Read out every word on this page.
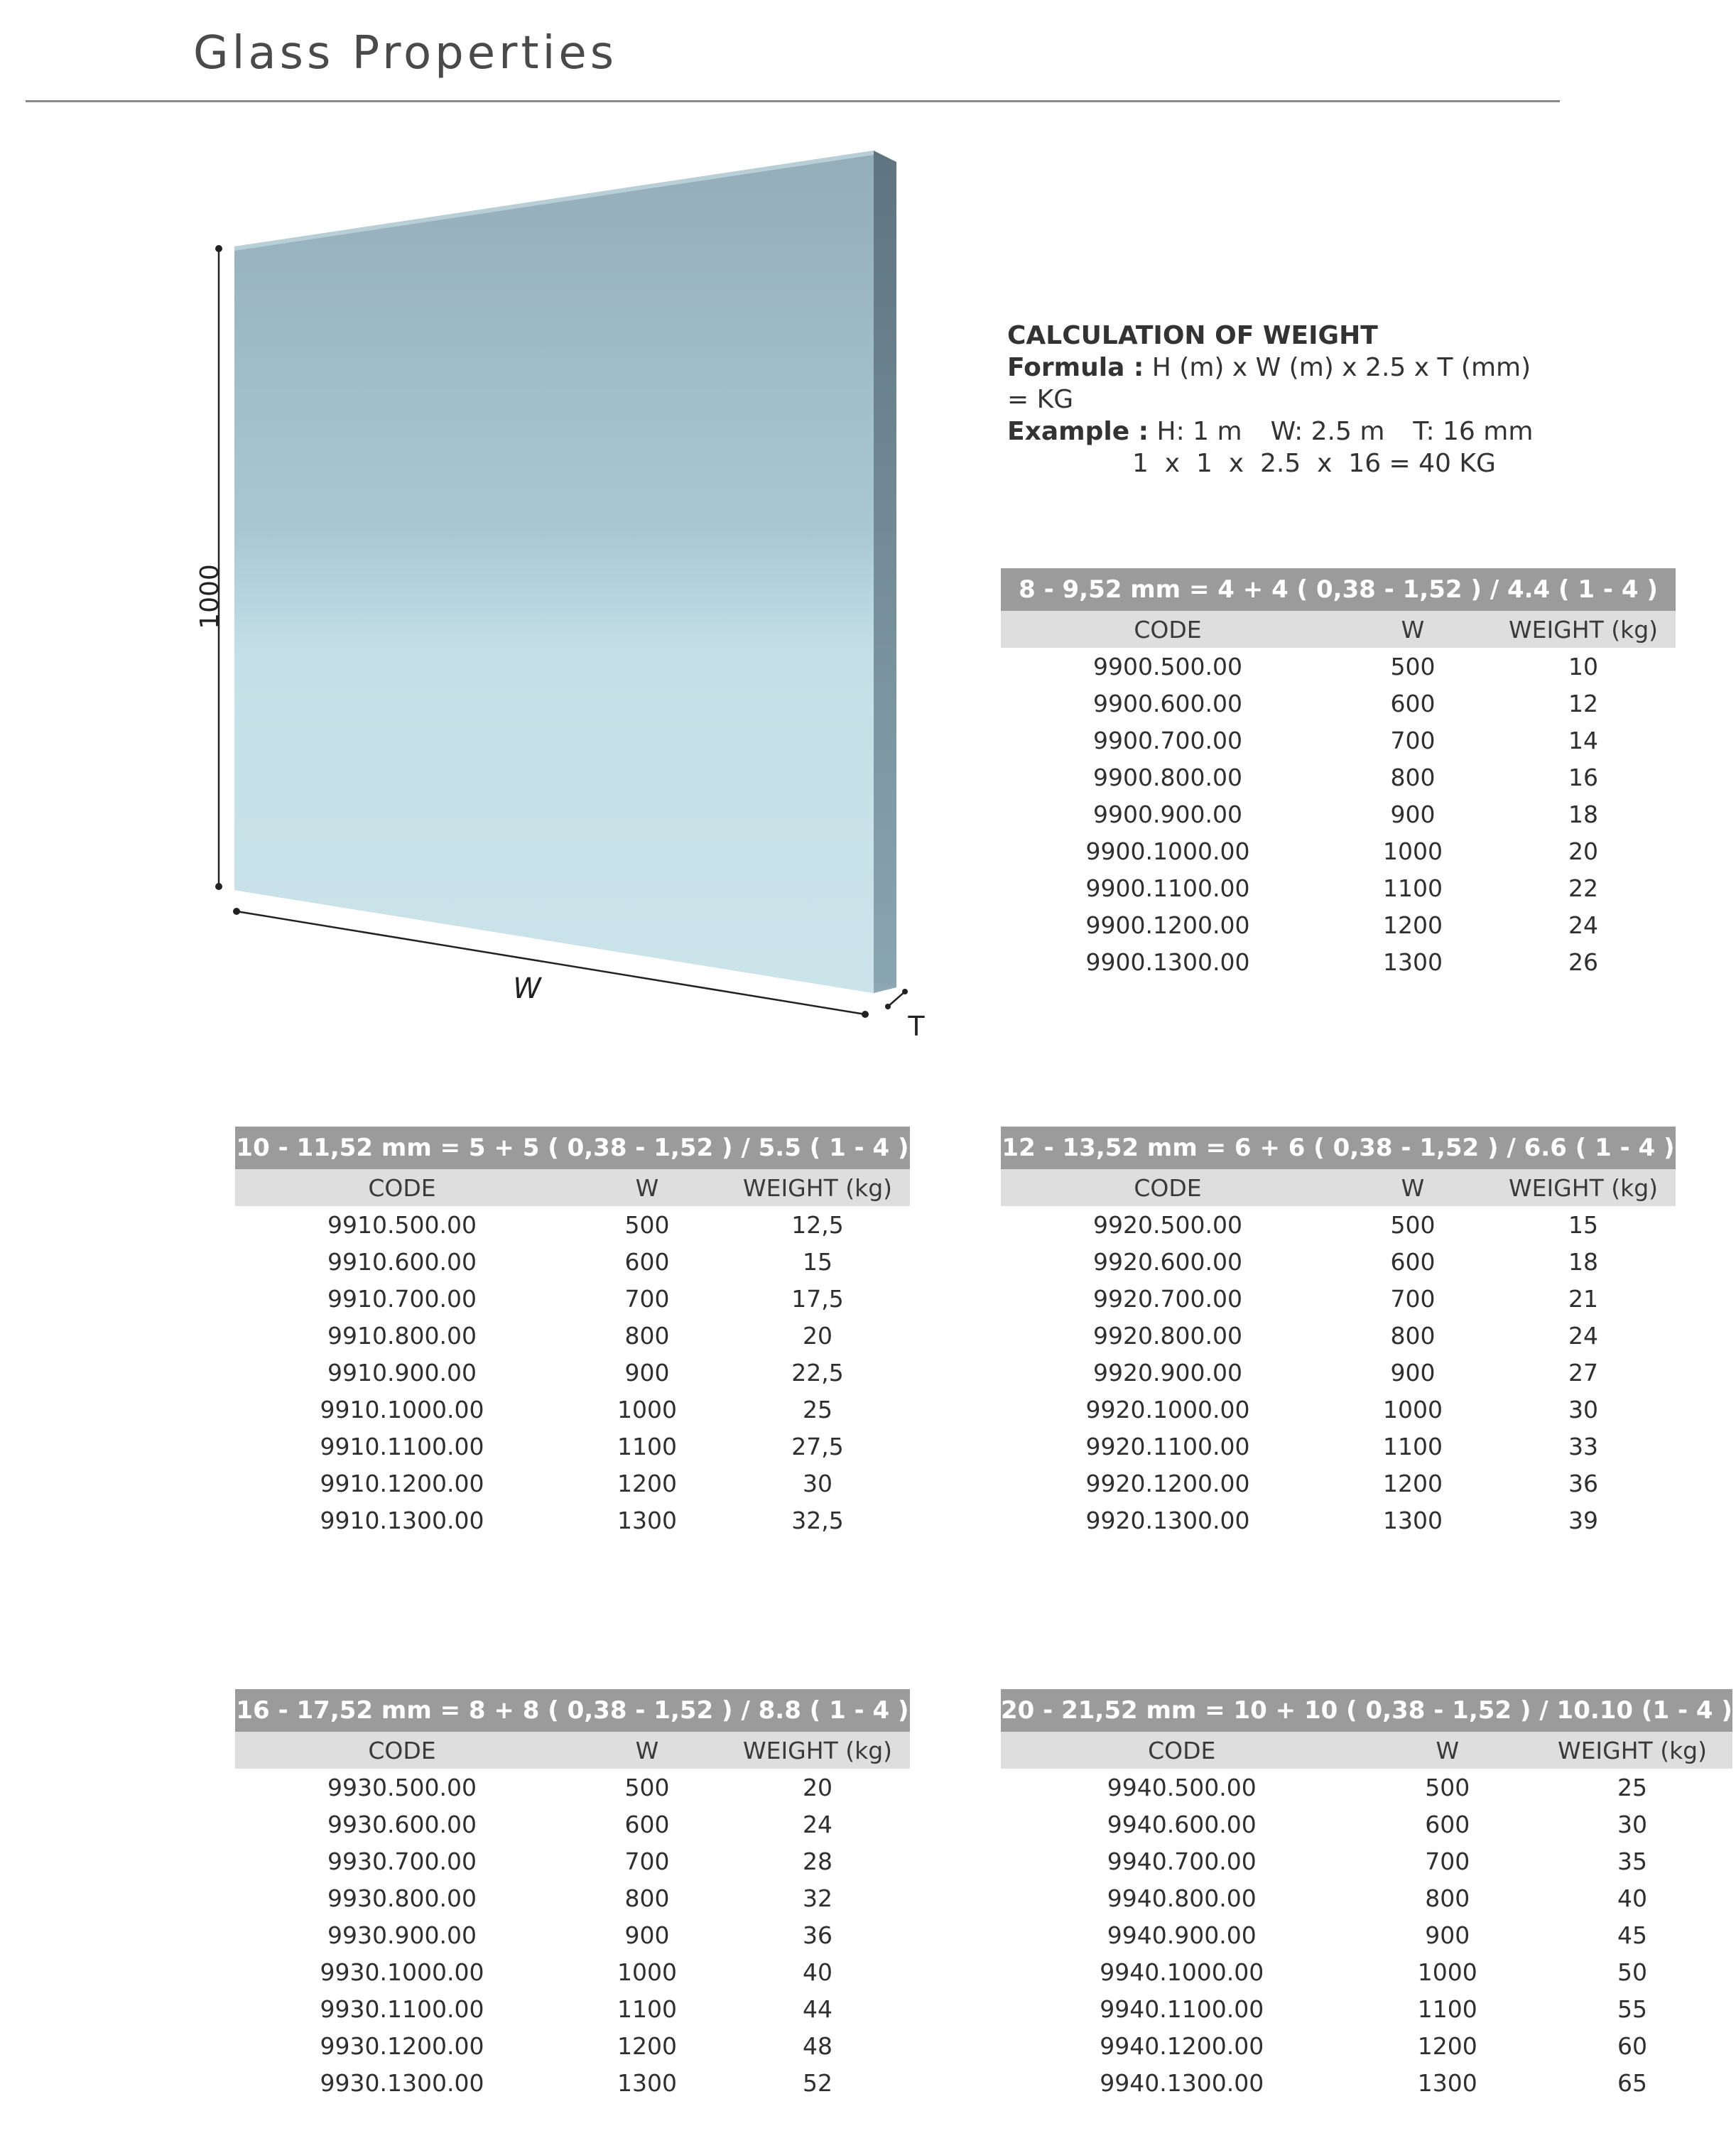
Glass Properties
1000
W
T
CALCULATION OF WEIGHT
Formula : H (m) x W (m) x 2.5 x T (mm) = KG
Example : H: 1 m W: 2.5 m T: 16 mm
1  x  1  x  2.5  x  16 = 40 KG
8 - 9,52 mm = 4 + 4 ( 0,38 - 1,52 ) / 4.4 ( 1 - 4 )		
CODE	W	WEIGHT (kg)
9900.500.00	500	10
9900.600.00	600	12
9900.700.00	700	14
9900.800.00	800	16
9900.900.00	900	18
9900.1000.00	1000	20
9900.1100.00	1100	22
9900.1200.00	1200	24
9900.1300.00	1300	26
10 - 11,52 mm = 5 + 5 ( 0,38 - 1,52 ) / 5.5 ( 1 - 4 )		
CODE	W	WEIGHT (kg)
9910.500.00	500	12,5
9910.600.00	600	15
9910.700.00	700	17,5
9910.800.00	800	20
9910.900.00	900	22,5
9910.1000.00	1000	25
9910.1100.00	1100	27,5
9910.1200.00	1200	30
9910.1300.00	1300	32,5
12 - 13,52 mm = 6 + 6 ( 0,38 - 1,52 ) / 6.6 ( 1 - 4 )		
CODE	W	WEIGHT (kg)
9920.500.00	500	15
9920.600.00	600	18
9920.700.00	700	21
9920.800.00	800	24
9920.900.00	900	27
9920.1000.00	1000	30
9920.1100.00	1100	33
9920.1200.00	1200	36
9920.1300.00	1300	39
16 - 17,52 mm = 8 + 8 ( 0,38 - 1,52 ) / 8.8 ( 1 - 4 )		
CODE	W	WEIGHT (kg)
9930.500.00	500	20
9930.600.00	600	24
9930.700.00	700	28
9930.800.00	800	32
9930.900.00	900	36
9930.1000.00	1000	40
9930.1100.00	1100	44
9930.1200.00	1200	48
9930.1300.00	1300	52
20 - 21,52 mm = 10 + 10 ( 0,38 - 1,52 ) / 10.10 (1 - 4 )		
CODE	W	WEIGHT (kg)
9940.500.00	500	25
9940.600.00	600	30
9940.700.00	700	35
9940.800.00	800	40
9940.900.00	900	45
9940.1000.00	1000	50
9940.1100.00	1100	55
9940.1200.00	1200	60
9940.1300.00	1300	65
